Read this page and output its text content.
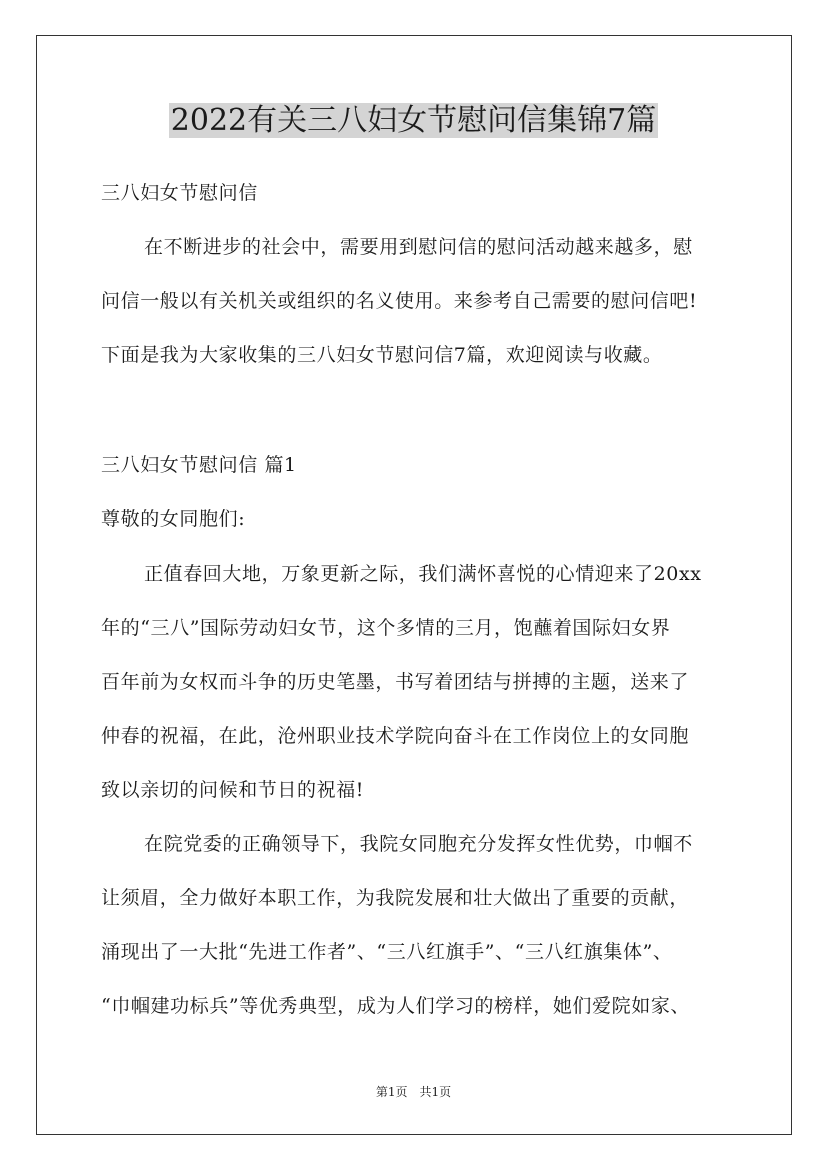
2022有关三八妇女节慰问信集锦7篇

三八妇女节慰问信

在不断进步的社会中，需要用到慰问信的慰问活动越来越多，慰

问信一般以有关机关或组织的名义使用。来参考自己需要的慰问信吧!

下面是我为大家收集的三八妇女节慰问信7篇，欢迎阅读与收藏。

三八妇女节慰问信 篇1

尊敬的女同胞们:

正值春回大地，万象更新之际，我们满怀喜悦的心情迎来了20xx

年的“三八”国际劳动妇女节，这个多情的三月，饱蘸着国际妇女界

百年前为女权而斗争的历史笔墨，书写着团结与拼搏的主题，送来了

仲春的祝福，在此，沧州职业技术学院向奋斗在工作岗位上的女同胞

致以亲切的问候和节日的祝福!

在院党委的正确领导下，我院女同胞充分发挥女性优势，巾帼不

让须眉，全力做好本职工作，为我院发展和壮大做出了重要的贡献，

涌现出了一大批“先进工作者”、“三八红旗手”、“三八红旗集体”、

“巾帼建功标兵”等优秀典型，成为人们学习的榜样，她们爱院如家、

第1页　共1页
